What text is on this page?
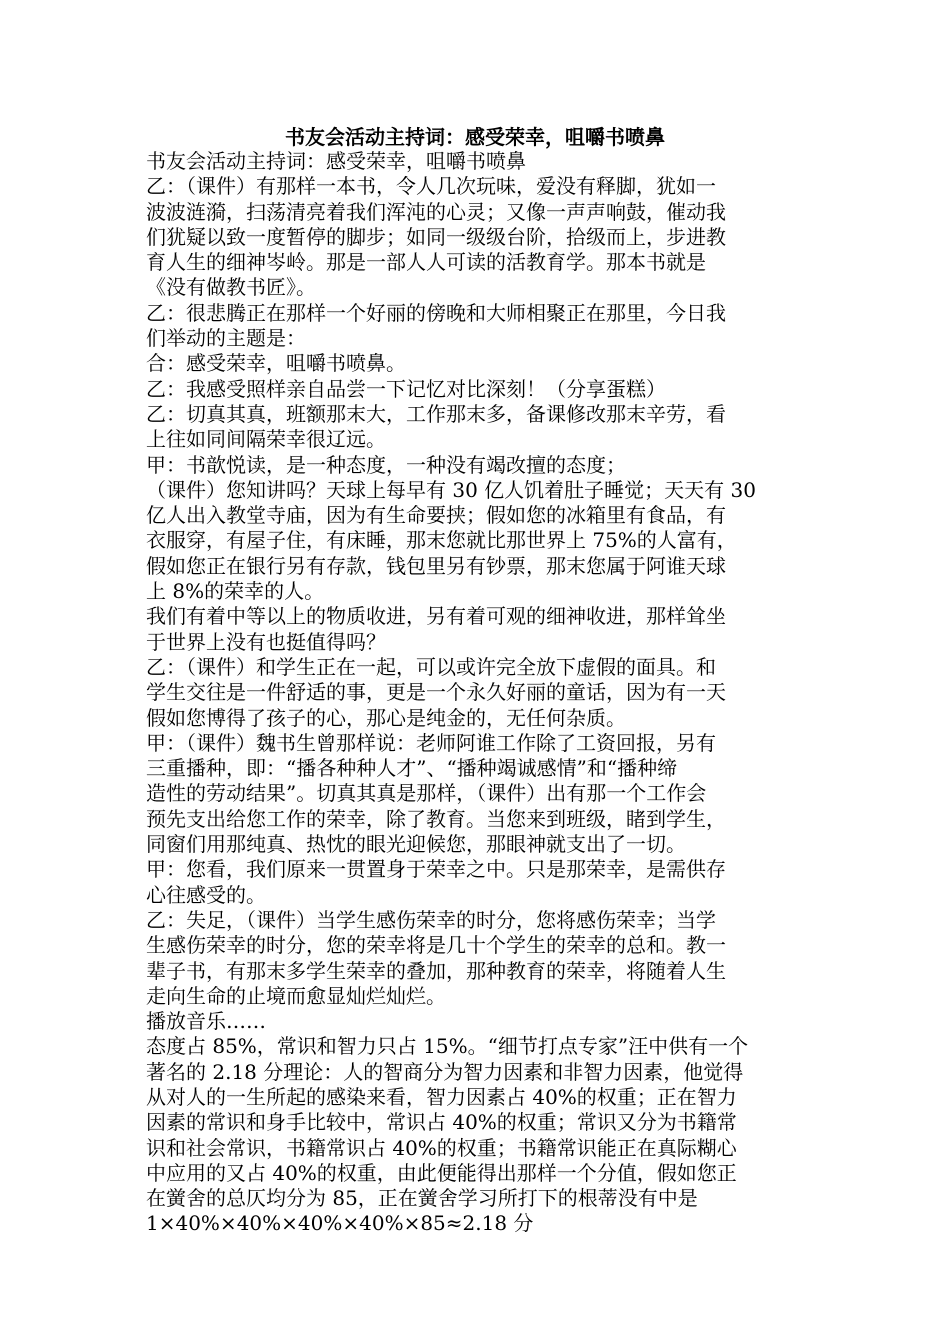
书友会活动主持词：感受荣幸，咀嚼书喷鼻
书友会活动主持词：感受荣幸，咀嚼书喷鼻
乙：（课件）有那样一本书，令人几次玩味，爱没有释脚，犹如一
波波涟漪，扫荡清亮着我们浑沌的心灵；又像一声声响鼓，催动我
们犹疑以致一度暂停的脚步；如同一级级台阶，拾级而上，步进教
育人生的细神岑岭。那是一部人人可读的活教育学。那本书就是
《没有做教书匠》。
乙：很悲腾正在那样一个好丽的傍晚和大师相聚正在那里，今日我
们举动的主题是：
合：感受荣幸，咀嚼书喷鼻。
乙：我感受照样亲自品尝一下记忆对比深刻！（分享蛋糕）
乙：切真其真，班额那末大，工作那末多，备课修改那末辛劳，看
上往如同间隔荣幸很辽远。
甲：书歆悦读，是一种态度，一种没有竭改擅的态度；
（课件）您知讲吗？天球上每早有 30 亿人饥着肚子睡觉；天天有 30
亿人出入教堂寺庙，因为有生命要挟；假如您的冰箱里有食品，有
衣服穿，有屋子住，有床睡，那末您就比那世界上 75%的人富有，
假如您正在银行另有存款，钱包里另有钞票，那末您属于阿谁天球
上 8%的荣幸的人。
我们有着中等以上的物质收进，另有着可观的细神收进，那样耸坐
于世界上没有也挺值得吗？
乙：（课件）和学生正在一起，可以或许完全放下虚假的面具。和
学生交往是一件舒适的事，更是一个永久好丽的童话，因为有一天
假如您博得了孩子的心，那心是纯金的，无任何杂质。
甲：（课件）魏书生曾那样说：老师阿谁工作除了工资回报，另有
三重播种，即：“播各种种人才”、“播种竭诚感情”和“播种缔
造性的劳动结果”。切真其真是那样，（课件）出有那一个工作会
预先支出给您工作的荣幸，除了教育。当您来到班级，睹到学生，
同窗们用那纯真、热忱的眼光迎候您，那眼神就支出了一切。
甲：您看，我们原来一贯置身于荣幸之中。只是那荣幸，是需供存
心往感受的。
乙：失足，（课件）当学生感伤荣幸的时分，您将感伤荣幸；当学
生感伤荣幸的时分，您的荣幸将是几十个学生的荣幸的总和。教一
辈子书，有那末多学生荣幸的叠加，那种教育的荣幸，将随着人生
走向生命的止境而愈显灿烂灿烂。
播放音乐……
态度占 85%，常识和智力只占 15%。“细节打点专家”汪中供有一个
著名的 2.18 分理论：人的智商分为智力因素和非智力因素，他觉得
从对人的一生所起的感染来看，智力因素占 40%的权重；正在智力
因素的常识和身手比较中，常识占 40%的权重；常识又分为书籍常
识和社会常识，书籍常识占 40%的权重；书籍常识能正在真际糊心
中应用的又占 40%的权重，由此便能得出那样一个分值，假如您正
在黉舍的总仄均分为 85，正在黉舍学习所打下的根蒂没有中是
1×40%×40%×40%×40%×85≈2.18 分
